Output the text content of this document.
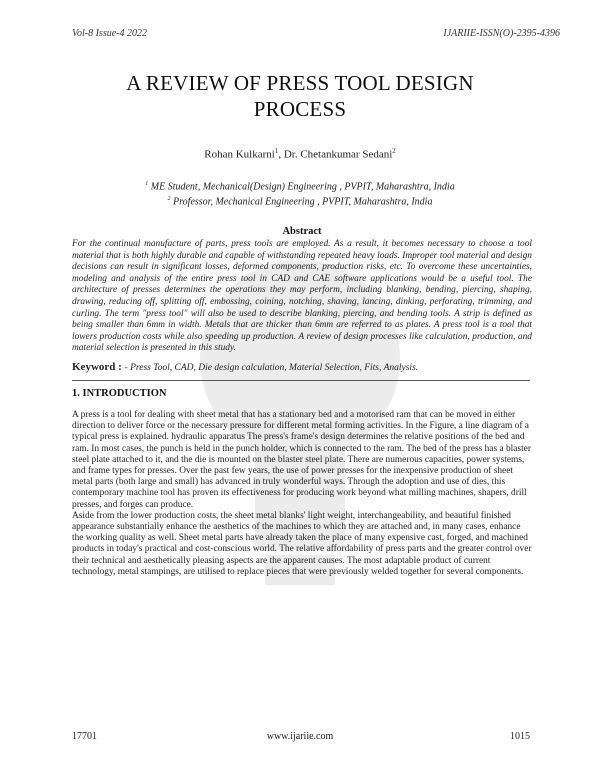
Vol-8 Issue-4 2022	IJARIIE-ISSN(O)-2395-4396
A REVIEW OF PRESS TOOL DESIGN
PROCESS
Rohan Kulkarni$^1$, Dr. Chetankumar Sedani$^2$
$^1$ ME Student, Mechanical(Design) Engineering , PVPIT, Maharashtra, India
$^2$ Professor, Mechanical Engineering , PVPIT, Maharashtra, India
Abstract
For the continual manufacture of parts, press tools are employed. As a result, it becomes necessary to choose a tool material that is both highly durable and capable of withstanding repeated heavy loads. Improper tool material and design decisions can result in significant losses, deformed components, production risks, etc. To overcome these uncertainties, modeling and analysis of the entire press tool in CAD and CAE software applications would be a useful tool. The architecture of presses determines the operations they may perform, including blanking, bending, piercing, shaping, drawing, reducing off, splitting off, embossing, coining, notching, shaving, lancing, dinking, perforating, trimming, and curling. The term "press tool" will also be used to describe blanking, piercing, and bending tools. A strip is defined as being smaller than 6mm in width. Metals that are thicker than 6mm are referred to as plates. A press tool is a tool that lowers production costs while also speeding up production. A review of design processes like calculation, production, and material selection is presented in this study.
Keyword : - Press Tool, CAD, Die design calculation, Material Selection, Fits, Analysis.
1. INTRODUCTION

A press is a tool for dealing with sheet metal that has a stationary bed and a motorised ram that can be moved in either direction to deliver force or the necessary pressure for different metal forming activities. In the Figure, a line diagram of a typical press is explained. hydraulic apparatus The press's frame's design determines the relative positions of the bed and ram. In most cases, the punch is held in the punch holder, which is connected to the ram. The bed of the press has a blaster steel plate attached to it, and the die is mounted on the blaster steel plate. There are numerous capacities, power systems, and frame types for presses. Over the past few years, the use of power presses for the inexpensive production of sheet metal parts (both large and small) has advanced in truly wonderful ways. Through the adoption and use of dies, this contemporary machine tool has proven its effectiveness for producing work beyond what milling machines, shapers, drill presses, and forges can produce.

Aside from the lower production costs, the sheet metal blanks' light weight, interchangeability, and beautiful finished appearance substantially enhance the aesthetics of the machines to which they are attached and, in many cases, enhance the working quality as well. Sheet metal parts have already taken the place of many expensive cast, forged, and machined products in today's practical and cost-conscious world. The relative affordability of press parts and the greater control over their technical and aesthetically pleasing aspects are the apparent causes. The most adaptable product of current technology, metal stampings, are utilised to replace pieces that were previously welded together for several components.

17701	www.ijariie.com	1015
